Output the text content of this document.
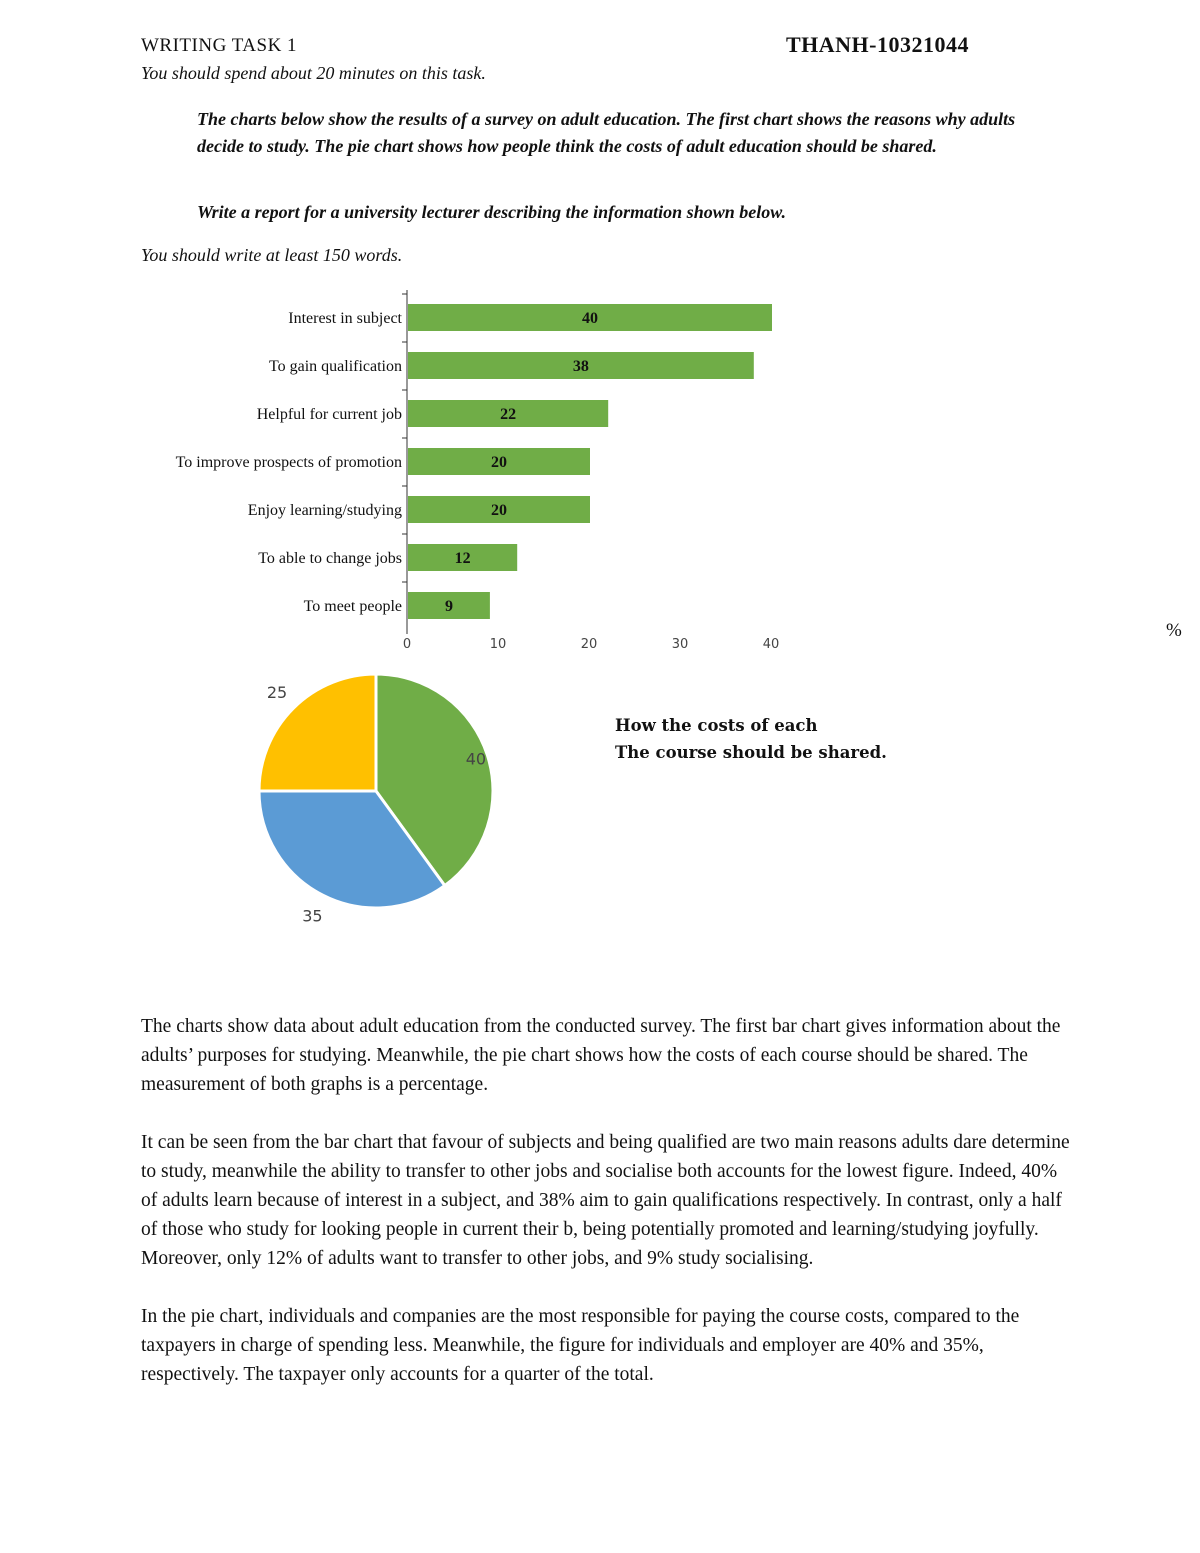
WRITING TASK 1	THANH-10321044
You should spend about 20 minutes on this task.
The charts below show the results of a survey on adult education. The first chart shows the reasons why adults decide to study. The pie chart shows how people think the costs of adult education should be shared.
Write a report for a university lecturer describing the information shown below.
You should write at least 150 words.
Interest in subject	40
To gain qualification	38
Helpful for current job	22
To improve prospects of promotion	20
Enjoy learning/studying	20
To able to change jobs	12
To meet people	9
0	10	20	30	40
%
40
35
25
How the costs of each
The course should be shared.

The charts show data about adult education from the conducted survey. The first bar chart gives information about the adults’ purposes for studying. Meanwhile, the pie chart shows how the costs of each course should be shared. The measurement of both graphs is a percentage.

It can be seen from the bar chart that favour of subjects and being qualified are two main reasons adults dare determine to study, meanwhile the ability to transfer to other jobs and socialise both accounts for the lowest figure. Indeed, 40% of adults learn because of interest in a subject, and 38% aim to gain qualifications respectively. In contrast, only a half of those who study for looking people in current their b, being potentially promoted and learning/studying joyfully. Moreover, only 12% of adults want to transfer to other jobs, and 9% study socialising.

In the pie chart, individuals and companies are the most responsible for paying the course costs, compared to the taxpayers in charge of spending less. Meanwhile, the figure for individuals and employer are 40% and 35%, respectively. The taxpayer only accounts for a quarter of the total.
